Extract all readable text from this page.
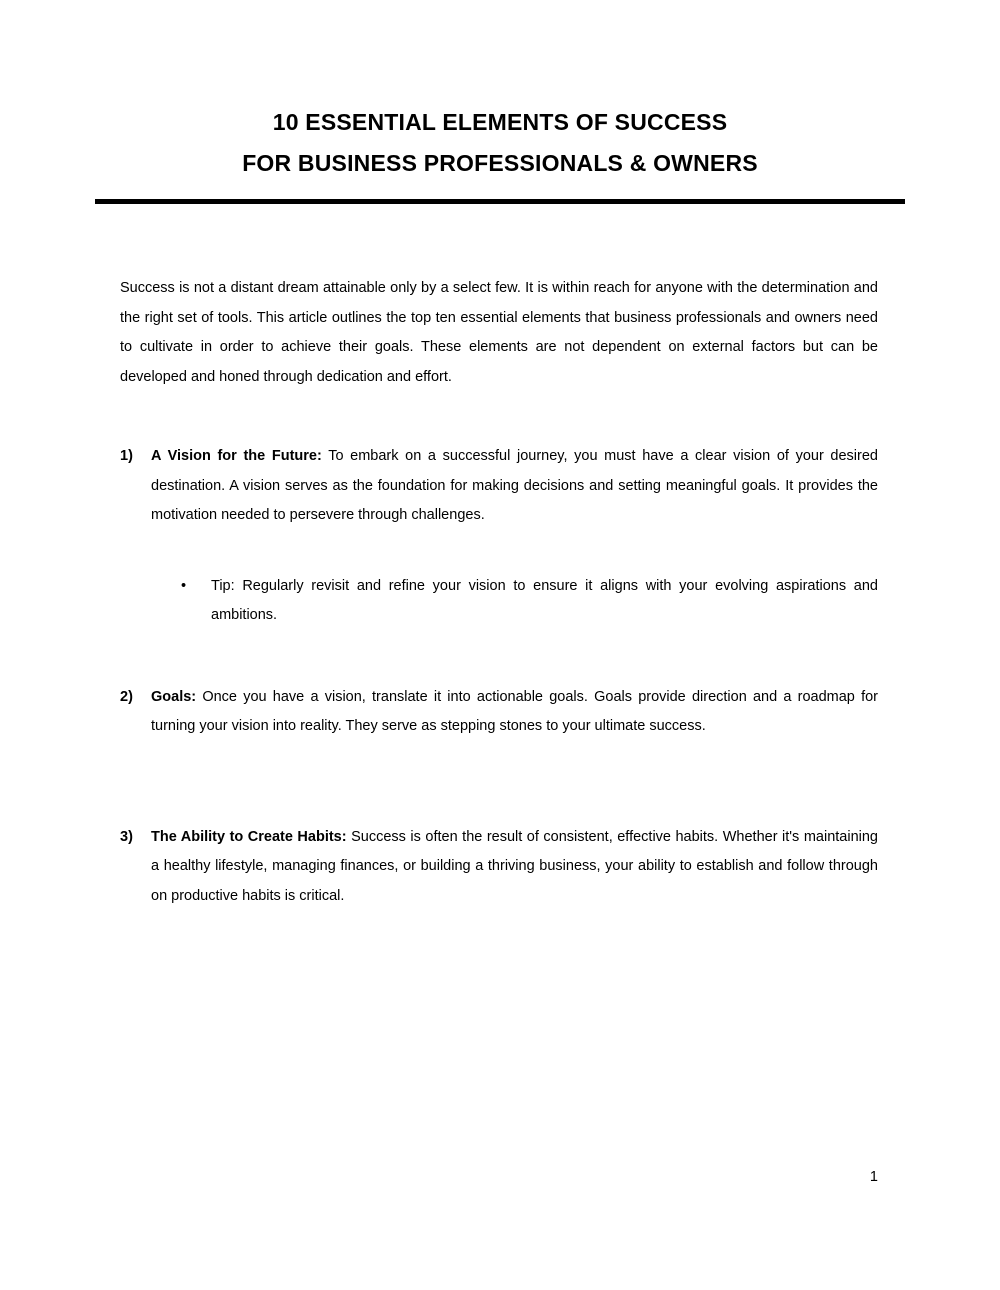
10 ESSENTIAL ELEMENTS OF SUCCESS
FOR BUSINESS PROFESSIONALS & OWNERS

Success is not a distant dream attainable only by a select few. It is within reach for anyone with the determination and the right set of tools. This article outlines the top ten essential elements that business professionals and owners need to cultivate in order to achieve their goals. These elements are not dependent on external factors but can be developed and honed through dedication and effort.

1)	A Vision for the Future: To embark on a successful journey, you must have a clear vision of your desired destination. A vision serves as the foundation for making decisions and setting meaningful goals. It provides the motivation needed to persevere through challenges.

•	Tip: Regularly revisit and refine your vision to ensure it aligns with your evolving aspirations and ambitions.

2)	Goals: Once you have a vision, translate it into actionable goals. Goals provide direction and a roadmap for turning your vision into reality. They serve as stepping stones to your ultimate success.

3)	The Ability to Create Habits: Success is often the result of consistent, effective habits. Whether it's maintaining a healthy lifestyle, managing finances, or building a thriving business, your ability to establish and follow through on productive habits is critical.

1
